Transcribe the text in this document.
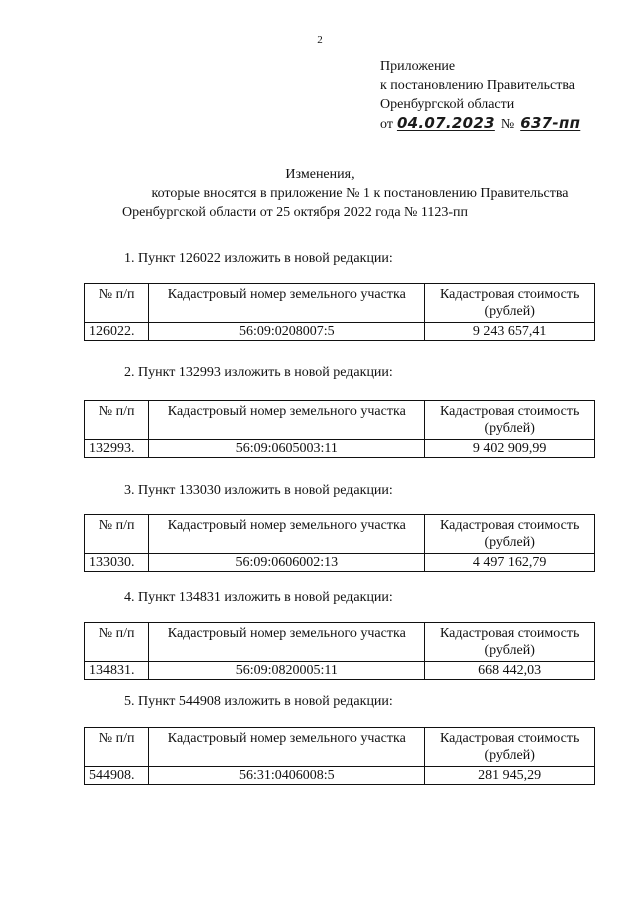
2
Приложение
к постановлению Правительства
Оренбургской области
от 04.07.2023 № 637-пп
Изменения,
которые вносятся в приложение № 1 к постановлению Правительства
Оренбургской области от 25 октября 2022 года № 1123-пп
1. Пункт 126022 изложить в новой редакции:
№ п/п	Кадастровый номер земельного участка	Кадастровая стоимость (рублей)
126022.	56:09:0208007:5	9 243 657,41
2. Пункт 132993 изложить в новой редакции:
№ п/п	Кадастровый номер земельного участка	Кадастровая стоимость (рублей)
132993.	56:09:0605003:11	9 402 909,99
3. Пункт 133030 изложить в новой редакции:
№ п/п	Кадастровый номер земельного участка	Кадастровая стоимость (рублей)
133030.	56:09:0606002:13	4 497 162,79
4. Пункт 134831 изложить в новой редакции:
№ п/п	Кадастровый номер земельного участка	Кадастровая стоимость (рублей)
134831.	56:09:0820005:11	668 442,03
5. Пункт 544908 изложить в новой редакции:
№ п/п	Кадастровый номер земельного участка	Кадастровая стоимость (рублей)
544908.	56:31:0406008:5	281 945,29
